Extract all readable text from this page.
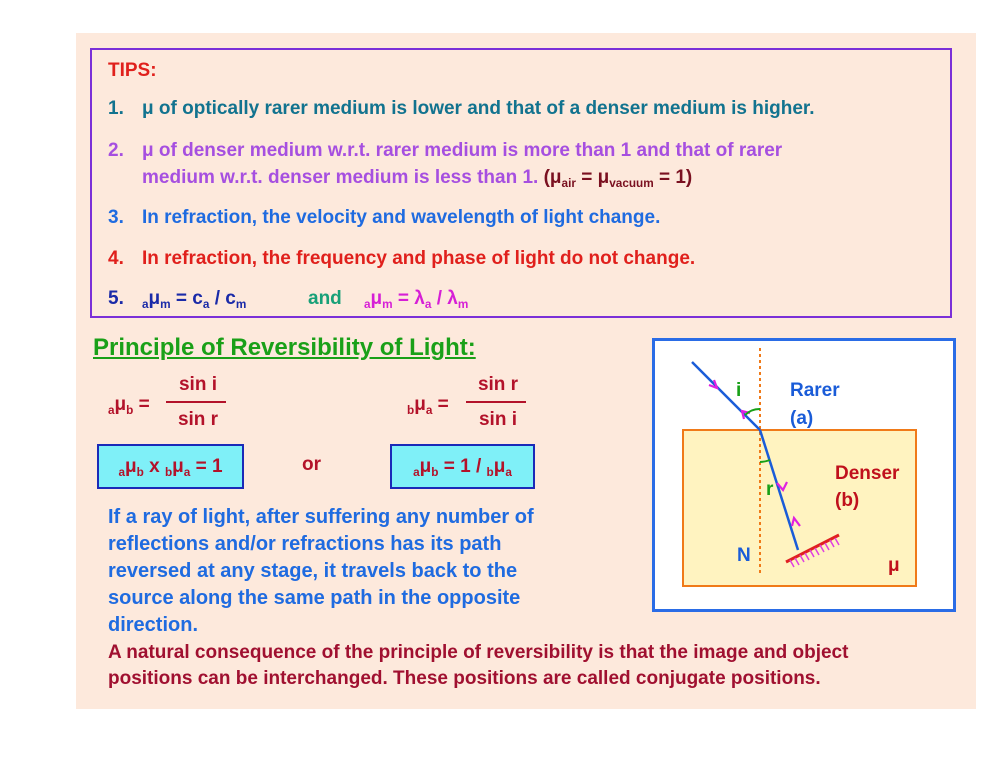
TIPS:
1. μ of optically rarer medium is lower and that of a denser medium is higher.
2. μ of denser medium w.r.t. rarer medium is more than 1 and that of rarer
medium w.r.t. denser medium is less than 1. $(\mu_{air} = \mu_{vacuum} = 1)$
3. In refraction, the velocity and wavelength of light change.
4. In refraction, the frequency and phase of light do not change.
5. $_a\mu_m = c_a / c_m$	and $_a\mu_m = \lambda_a / \lambda_m$
Principle of Reversibility of Light:
$_a\mu_b$ =
sin i
sin r	$_b\mu_a$ =
sin r
sin i
$_a\mu_b$ x $_b\mu_a = 1$	or	$_a\mu_b = 1 / _b\mu_a$
If a ray of light, after suffering any number of
reflections and/or refractions has its path
reversed at any stage, it travels back to the
source along the same path in the opposite
direction.
A natural consequence of the principle of reversibility is that the image and object
positions can be interchanged. These positions are called conjugate positions.
i	Rarer
(a)
Denser
(b)
r
N	μ
